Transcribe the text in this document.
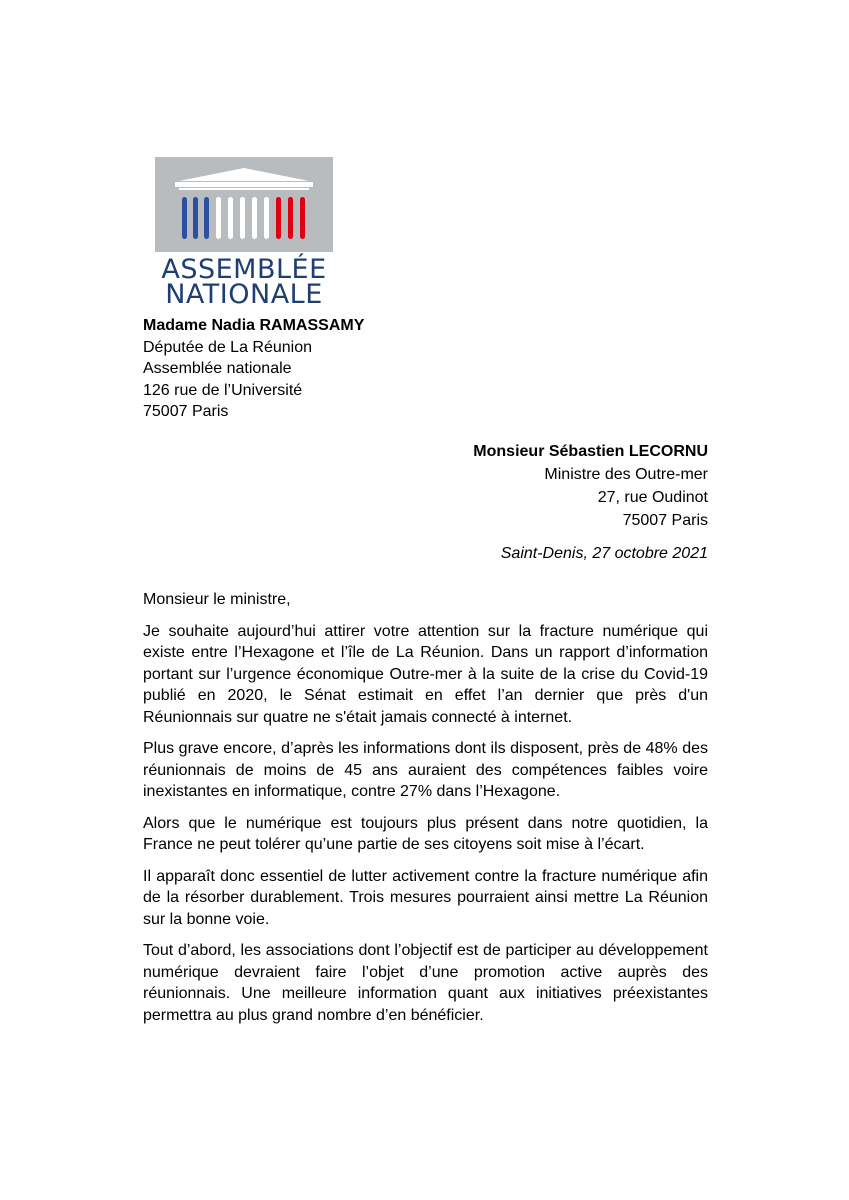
ASSEMBLÉE
NATIONALE
Madame Nadia RAMASSAMY
Députée de La Réunion
Assemblée nationale
126 rue de l’Université
75007 Paris
Monsieur Sébastien LECORNU
Ministre des Outre-mer
27, rue Oudinot
75007 Paris
Saint-Denis, 27 octobre 2021

Monsieur le ministre,

Je souhaite aujourd’hui attirer votre attention sur la fracture numérique qui existe entre l’Hexagone et l’île de La Réunion. Dans un rapport d’information portant sur l’urgence économique Outre-mer à la suite de la crise du Covid-19 publié en 2020, le Sénat estimait en effet l’an dernier que près d'un Réunionnais sur quatre ne s'était jamais connecté à internet.

Plus grave encore, d’après les informations dont ils disposent, près de 48% des réunionnais de moins de 45 ans auraient des compétences faibles voire inexistantes en informatique, contre 27% dans l’Hexagone.

Alors que le numérique est toujours plus présent dans notre quotidien, la France ne peut tolérer qu’une partie de ses citoyens soit mise à l’écart.

Il apparaît donc essentiel de lutter activement contre la fracture numérique afin de la résorber durablement. Trois mesures pourraient ainsi mettre La Réunion sur la bonne voie.

Tout d’abord, les associations dont l’objectif est de participer au développement numérique devraient faire l’objet d’une promotion active auprès des réunionnais. Une meilleure information quant aux initiatives préexistantes permettra au plus grand nombre d’en bénéficier.
